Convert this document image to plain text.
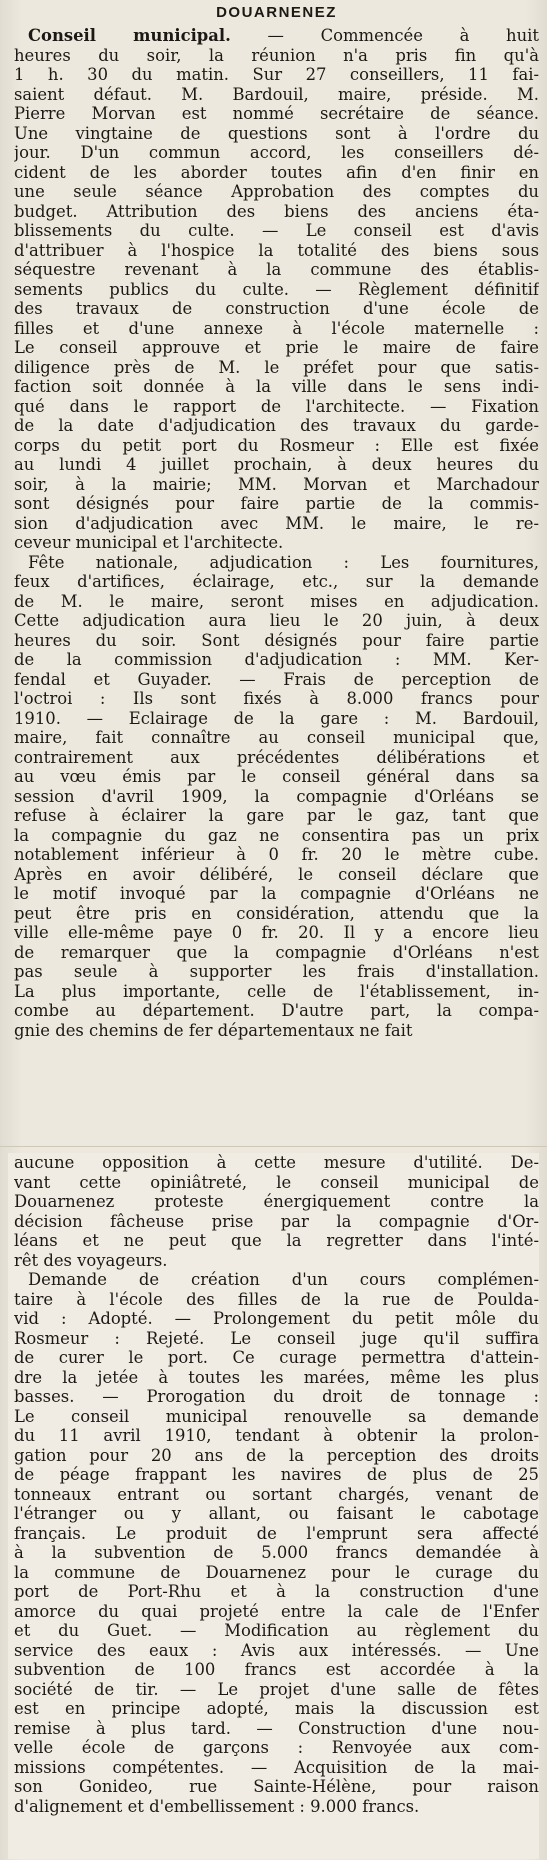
DOUARNENEZ
Conseil municipal. — Commencée à huit
heures du soir, la réunion n'a pris fin qu'à
1 h. 30 du matin. Sur 27 conseillers, 11 fai-
saient défaut. M. Bardouil, maire, préside. M.
Pierre Morvan est nommé secrétaire de séance.
Une vingtaine de questions sont à l'ordre du
jour. D'un commun accord, les conseillers dé-
cident de les aborder toutes afin d'en finir en
une seule séance Approbation des comptes du
budget. Attribution des biens des anciens éta-
blissements du culte. — Le conseil est d'avis
d'attribuer à l'hospice la totalité des biens sous
séquestre revenant à la commune des établis-
sements publics du culte. — Règlement définitif
des travaux de construction d'une école de
filles et d'une annexe à l'école maternelle :
Le conseil approuve et prie le maire de faire
diligence près de M. le préfet pour que satis-
faction soit donnée à la ville dans le sens indi-
qué dans le rapport de l'architecte. — Fixation
de la date d'adjudication des travaux du garde-
corps du petit port du Rosmeur : Elle est fixée
au lundi 4 juillet prochain, à deux heures du
soir, à la mairie; MM. Morvan et Marchadour
sont désignés pour faire partie de la commis-
sion d'adjudication avec MM. le maire, le re-
ceveur municipal et l'architecte.
Fête nationale, adjudication : Les fournitures,
feux d'artifices, éclairage, etc., sur la demande
de M. le maire, seront mises en adjudication.
Cette adjudication aura lieu le 20 juin, à deux
heures du soir. Sont désignés pour faire partie
de la commission d'adjudication : MM. Ker-
fendal et Guyader. — Frais de perception de
l'octroi : Ils sont fixés à 8.000 francs pour
1910. — Eclairage de la gare : M. Bardouil,
maire, fait connaître au conseil municipal que,
contrairement aux précédentes délibérations et
au vœu émis par le conseil général dans sa
session d'avril 1909, la compagnie d'Orléans se
refuse à éclairer la gare par le gaz, tant que
la compagnie du gaz ne consentira pas un prix
notablement inférieur à 0 fr. 20 le mètre cube.
Après en avoir délibéré, le conseil déclare que
le motif invoqué par la compagnie d'Orléans ne
peut être pris en considération, attendu que la
ville elle-même paye 0 fr. 20. Il y a encore lieu
de remarquer que la compagnie d'Orléans n'est
pas seule à supporter les frais d'installation.
La plus importante, celle de l'établissement, in-
combe au département. D'autre part, la compa-
gnie des chemins de fer départementaux ne fait
aucune opposition à cette mesure d'utilité. De-
vant cette opiniâtreté, le conseil municipal de
Douarnenez proteste énergiquement contre la
décision fâcheuse prise par la compagnie d'Or-
léans et ne peut que la regretter dans l'inté-
rêt des voyageurs.
Demande de création d'un cours complémen-
taire à l'école des filles de la rue de Poulda-
vid : Adopté. — Prolongement du petit môle du
Rosmeur : Rejeté. Le conseil juge qu'il suffira
de curer le port. Ce curage permettra d'attein-
dre la jetée à toutes les marées, même les plus
basses. — Prorogation du droit de tonnage :
Le conseil municipal renouvelle sa demande
du 11 avril 1910, tendant à obtenir la prolon-
gation pour 20 ans de la perception des droits
de péage frappant les navires de plus de 25
tonneaux entrant ou sortant chargés, venant de
l'étranger ou y allant, ou faisant le cabotage
français. Le produit de l'emprunt sera affecté
à la subvention de 5.000 francs demandée à
la commune de Douarnenez pour le curage du
port de Port-Rhu et à la construction d'une
amorce du quai projeté entre la cale de l'Enfer
et du Guet. — Modification au règlement du
service des eaux : Avis aux intéressés. — Une
subvention de 100 francs est accordée à la
société de tir. — Le projet d'une salle de fêtes
est en principe adopté, mais la discussion est
remise à plus tard. — Construction d'une nou-
velle école de garçons : Renvoyée aux com-
missions compétentes. — Acquisition de la mai-
son Gonideo, rue Sainte-Hélène, pour raison
d'alignement et d'embellissement : 9.000 francs.
